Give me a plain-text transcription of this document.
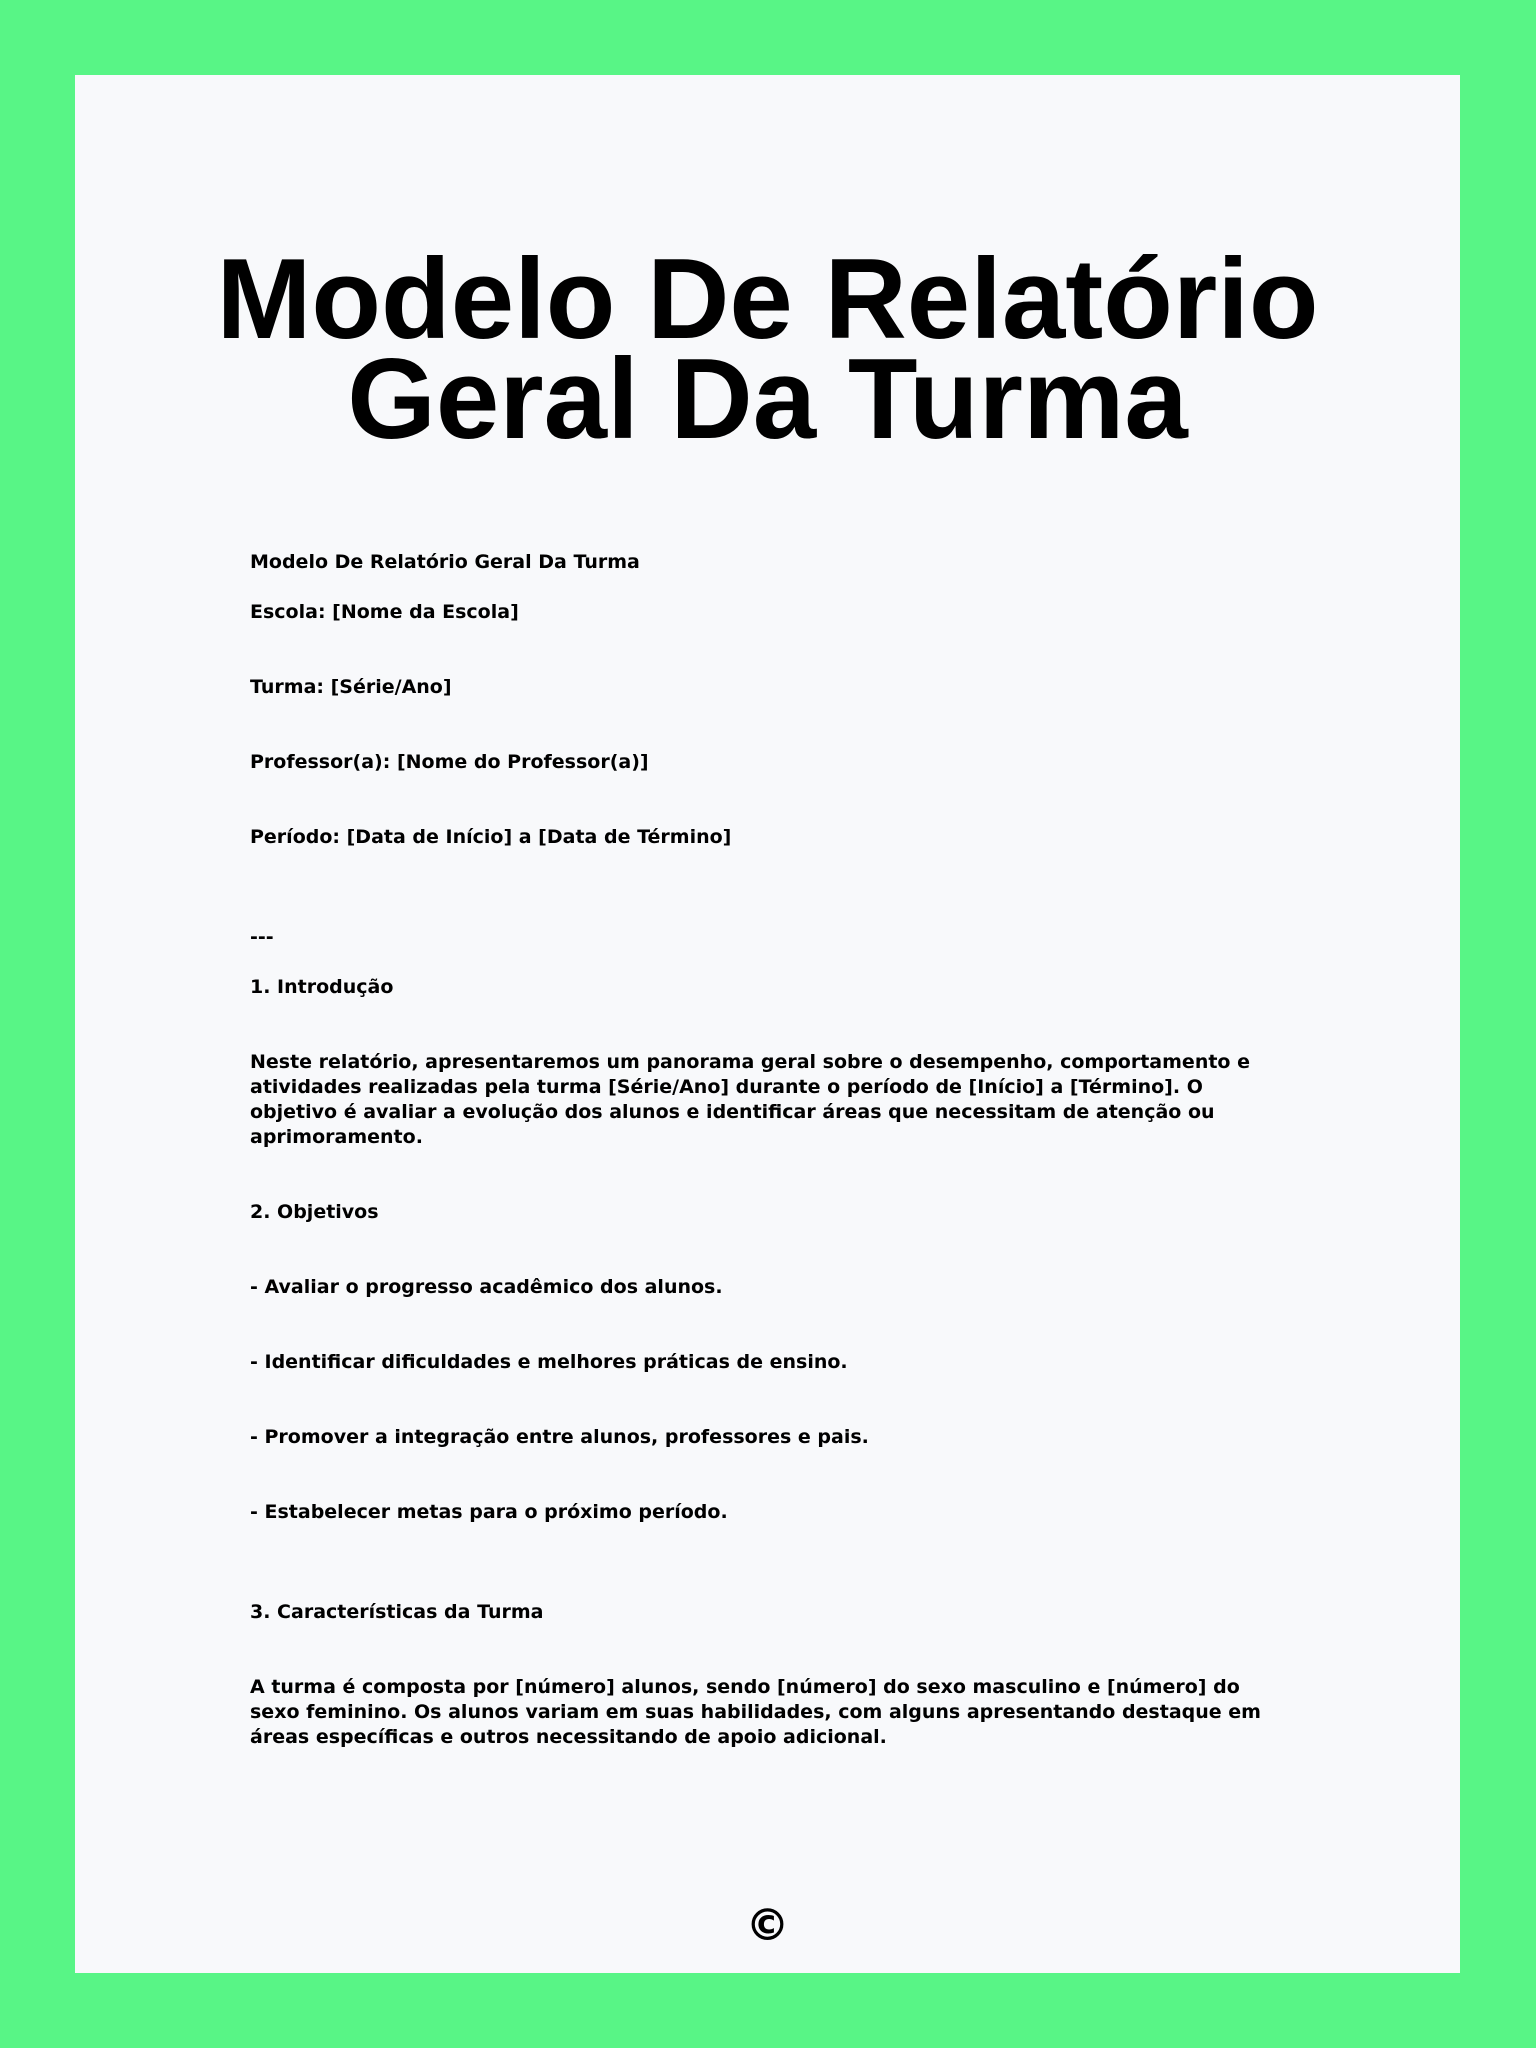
Modelo De Relatório Geral Da Turma

Modelo De Relatório Geral Da Turma

Escola: [Nome da Escola]

Turma: [Série/Ano]

Professor(a): [Nome do Professor(a)]

Período: [Data de Início] a [Data de Término]

---

1. Introdução

Neste relatório, apresentaremos um panorama geral sobre o desempenho, comportamento e atividades realizadas pela turma [Série/Ano] durante o período de [Início] a [Término]. O objetivo é avaliar a evolução dos alunos e identificar áreas que necessitam de atenção ou aprimoramento.

2. Objetivos

- Avaliar o progresso acadêmico dos alunos.

- Identificar dificuldades e melhores práticas de ensino.

- Promover a integração entre alunos, professores e pais.

- Estabelecer metas para o próximo período.

3. Características da Turma

A turma é composta por [número] alunos, sendo [número] do sexo masculino e [número] do sexo feminino. Os alunos variam em suas habilidades, com alguns apresentando destaque em áreas específicas e outros necessitando de apoio adicional.

©
